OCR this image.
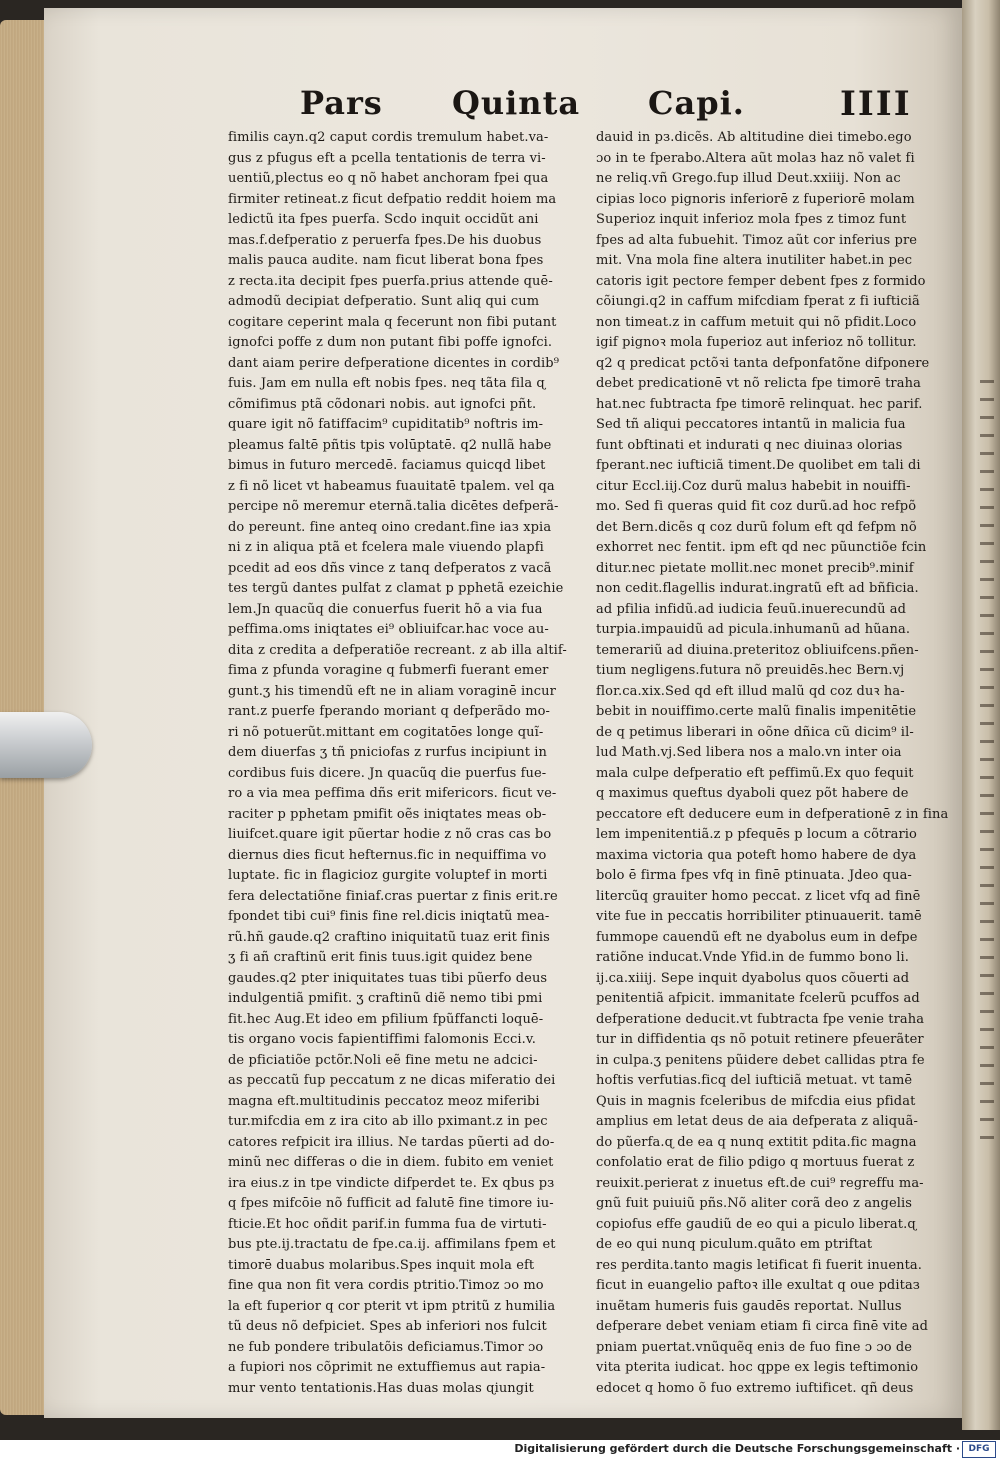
Pars Quinta Capi.	IIII
fimilis cayn.q2 caput cordis tremulum habet.va-
gus z pfugus eft a pcella tentationis de terra vi-
uentiũ,plectus eo q nõ habet anchoram fpei qua
firmiter retineat.z ficut defpatio reddit hoiem ma
ledictũ ita fpes puerfa. Scdo inquit occidũt ani
mas.f.defperatio z peruerfa fpes.De his duobus
malis pauca audite. nam ficut liberat bona fpes
z recta.ita decipit fpes puerfa.prius attende quē-
admodũ decipiat defperatio. Sunt aliq qui cum
cogitare ceperint mala q fecerunt non fibi putant
ignofci poffe z dum non putant fibi poffe ignofci.
dant aiam perire defperatione dicentes in cordib⁹
fuis. Jam em nulla eft nobis fpes. neq tãta fila ɋ
cõmifimus ptã cõdonari nobis. aut ignofci pñt.
quare igit nõ fatiffacim⁹ cupiditatib⁹ noftris im-
pleamus faltē pñtis tpis volūptatē. q2 nullã habe
bimus in futuro mercedē. faciamus quicqd libet
z fi nõ licet vt habeamus fuauitatē tpalem. vel qa
percipe nõ meremur eternã.talia dicētes defperã-
do pereunt. fine anteq oino credant.fine iaз xpia
ni z in aliqua ptã et fcelera male viuendo plapfi
pcedit ad eos dñs vince z tanq defperatos z vacã
tes tergũ dantes pulfat z clamat p pphetã ezeichie
lem.Jn quacũq die conuerfus fuerit hõ a via fua
peffima.oms iniqtates ei⁹ obliuifcar.hac voce au-
dita z credita a defperatiõe recreant. z ab illa altif-
fima z pfunda voragine q fubmerfi fuerant emer
gunt.ʒ his timendũ eft ne in aliam voraginē incur
rant.z puerfe fperando moriant q defperãdo mo-
ri nõ potuerũt.mittant em cogitatōes longe quĩ-
dem diuerfas ʒ tñ pniciofas z rurfus incipiunt in
cordibus fuis dicere. Jn quacũq die puerfus fue-
ro a via mea peffima dñs erit mifericors. ficut ve-
raciter p pphetam pmifit oẽs iniqtates meas ob-
liuifcet.quare igit pũertar hodie z nõ cras cas bo
diernus dies ficut hefternus.fic in nequiffima vo
luptate. fic in flagicioz gurgite voluptef in morti
fera delectatiõne finiaf.cras puertar z finis erit.re
fpondet tibi cui⁹ finis fine rel.dicis iniqtatũ meа-
rũ.hñ gaude.q2 craftino iniquitatũ tuaz erit finis
ʒ fi añ craftinũ erit finis tuus.igit quidez bene
gaudes.q2 pter iniquitates tuas tibi pũerfo deus
indulgentiã pmifit. ʒ craftinũ diẽ nemo tibi pmi
fit.hec Aug.Et ideo em pfilium fpũffancti loquē-
tis organo vocis fapientiffimi falomonis Ecci.v.
de pficiatiõe pctõr.Noli eẽ fine metu ne adcici-
as peccatũ fup peccatum z ne dicas miferatio dei
magna eft.multitudinis peccatoz meoz miferibi
tur.mifcdia em z ira cito ab illo pximant.z in pec
catores refpicit ira illius. Ne tardas pũerti ad do-
minũ nec differas o die in diem. fubito em veniet
ira eius.z in tpe vindicte difperdet te. Ex qbus pз
q fpes mifcōie nõ fufficit ad falutē fine timore iu-
fticie.Et hoc oñdit parif.in fumma fua de virtuti-
bus pte.ij.tractatu de fpe.ca.ij. affimilans fpem et
timorē duabus molaribus.Spes inquit mola eft
fine qua non fit vera cordis ptritio.Timoz ɔo mo
la eft fuperior q cor pterit vt ipm ptritũ z humilia
tũ deus nõ defpiciet. Spes ab inferiori nos fulcit
ne fub pondere tribulatõis deficiamus.Timor ɔo
a fupiori nos cõprimit ne extuffiemus aut rapia-
mur vento tentationis.Has duas molas ɋiungit
dauid in pз.dicẽs. Ab altitudine diei timebo.ego
ɔo in te fperabo.Altera aũt molaз haz nõ valet fi
ne reliq.vñ Grego.fup illud Deut.xxiiij. Non ac
cipias loco pignoris inferiorē z fuperiorē molam
Superioz inquit inferioz mola fpes z timoz funt
fpes ad alta fubuehit. Timoz aũt cor inferius pre
mit. Vna mola fine altera inutiliter habet.in pec
catoris igit pectore femper debent fpes z formido
cõiungi.q2 in caffum mifcdiam fperat z fi iufticiã
non timeat.z in caffum metuit qui nõ pfidit.Loco
igif pignoꝛ mola fuperioz aut inferioz nõ tollitur.
q2 q predicat pctõꝛi tanta defponfatõne difponere
debet predicationē vt nõ relicta fpe timorē traha
hat.nec fubtracta fpe timorē relinquat. hec parif.
Sed tñ aliqui peccatores intantũ in malicia fua
funt obftinati et indurati q nec diuinaз olorias
fperant.nec iufticiã timent.De quolibet em tali di
citur Eccl.iij.Coz durũ maluз habebit in nouiffi-
mo. Sed fi queras quid fit coz durũ.ad hoc refpõ
det Bern.dicẽs q coz durũ folum eft qd fefpm nõ
exhorret nec fentit. ipm eft qd nec pũunctiõe fcin
ditur.nec pietate mollit.nec monet precib⁹.minif
non cedit.flagellis indurat.ingratũ eft ad bñficia.
ad pfilia infidũ.ad iudicia feuũ.inuerecundũ ad
turpia.impauidũ ad picula.inhumanũ ad hũana.
temerariũ ad diuina.preteritoz obliuifcens.pñen-
tium negligens.futura nõ preuidēs.hec Bern.vj
flor.ca.xix.Sed qd eft illud malũ qd coz duꝛ ha-
bebit in nouiffimo.certe malũ finalis impenitētie
de q petimus liberari in oõne dñica cũ dicim⁹ il-
lud Math.vj.Sed libera nos a malo.vn inter oia
mala culpe defperatio eft peffimũ.Ex quo fequit
q maximus queftus dyaboli quez põt habere de
peccatore eft deducere eum in defperationē z in fina
lem impenitentiã.z p pfequēs p locum a cõtrario
maxima victoria qua poteft homo habere de dya
bolo ē firma fpes vfq in finē ptinuata. Jdeo qua-
litercũq grauiter homo peccat. z licet vfq ad finē
vite fue in peccatis horribiliter ptinuauerit. tamē
fummope cauendũ eft ne dyabolus eum in defpe
ratiõne inducat.Vnde Yfid.in de fummo bono li.
ij.ca.xiiij. Sepe inquit dyabolus quos cõuerti ad
penitentiã afpicit. immanitate fcelerũ pcuffos ad
defperatione deducit.vt fubtracta fpe venie traha
tur in diffidentia qs nõ potuit retinere pfeuerãter
in culpa.ʒ penitens pũidere debet callidas ptra fe
hoftis verfutias.ficq del iufticiã metuat. vt tamē
Quis in magnis fceleribus de mifcdia eius pfidat
amplius em letat deus de aia defperata z aliquã-
do pũerfa.ɋ de ea q nunq extitit pdita.fic magna
confolatio erat de filio pdigo q mortuus fuerat z
reuixit.perierat z inuetus eft.de cui⁹ regreffu ma-
gnũ fuit puiuiũ pñs.Nõ aliter corã deo z angelis
copiofus effe gaudiũ de eo qui a piculo liberat.ɋ
de eo qui nunq piculum.quãto em ptriftat
res perdita.tanto magis letificat fi fuerit inuenta.
ficut in euangelio paftoꝛ ille exultat q oue pditaз
inuẽtam humeris fuis gaudēs reportat. Nullus
defperare debet veniam etiam fi circa finē vite ad
pniam puertat.vnũquẽq eniз de fuo fine ɔ ɔo de
vita pterita iudicat. hoc qppe ex legis teftimonio
edocet q homo õ fuo extremo iuftificet. qñ deus
Digitalisierung gefördert durch die Deutsche Forschungsgemeinschaft · DFG
